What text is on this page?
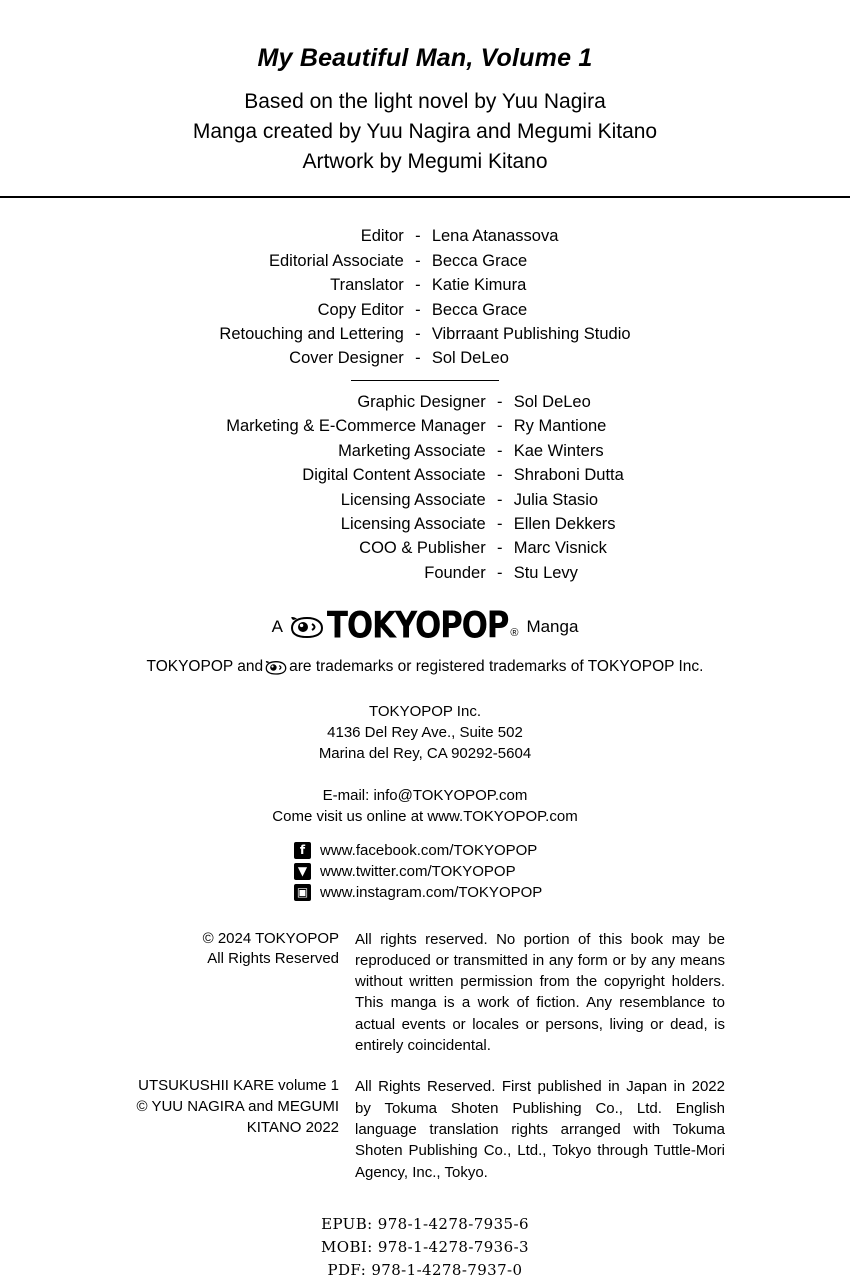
My Beautiful Man, Volume 1
Based on the light novel by Yuu Nagira
Manga created by Yuu Nagira and Megumi Kitano
Artwork by Megumi Kitano
Editor	-	Lena Atanassova
Editorial Associate	-	Becca Grace
Translator	-	Katie Kimura
Copy Editor	-	Becca Grace
Retouching and Lettering	-	Vibrraant Publishing Studio
Cover Designer	-	Sol DeLeo
Graphic Designer	-	Sol DeLeo
Marketing & E-Commerce Manager	-	Ry Mantione
Marketing Associate	-	Kae Winters
Digital Content Associate	-	Shraboni Dutta
Licensing Associate	-	Julia Stasio
Licensing Associate	-	Ellen Dekkers
COO & Publisher	-	Marc Visnick
Founder	-	Stu Levy
A TOKYOPOP ® Manga
TOKYOPOP and are trademarks or registered trademarks of TOKYOPOP Inc.
TOKYOPOP Inc.
4136 Del Rey Ave., Suite 502
Marina del Rey, CA 90292-5604
E-mail: info@TOKYOPOP.com
Come visit us online at www.TOKYOPOP.com
f www.facebook.com/TOKYOPOP
▼ www.twitter.com/TOKYOPOP
▣ www.instagram.com/TOKYOPOP
© 2024 TOKYOPOP
All Rights Reserved
All rights reserved. No portion of this book may be reproduced or transmitted in any form or by any means without written permission from the copyright holders. This manga is a work of fiction. Any resemblance to actual events or locales or persons, living or dead, is entirely coincidental.
UTSUKUSHII KARE volume 1
© YUU NAGIRA and MEGUMI KITANO 2022
All Rights Reserved. First published in Japan in 2022 by Tokuma Shoten Publishing Co., Ltd. English language translation rights arranged with Tokuma Shoten Publishing Co., Ltd., Tokyo through Tuttle-Mori Agency, Inc., Tokyo.
EPUB: 978-1-4278-7935-6
MOBI: 978-1-4278-7936-3
PDF: 978-1-4278-7937-0
